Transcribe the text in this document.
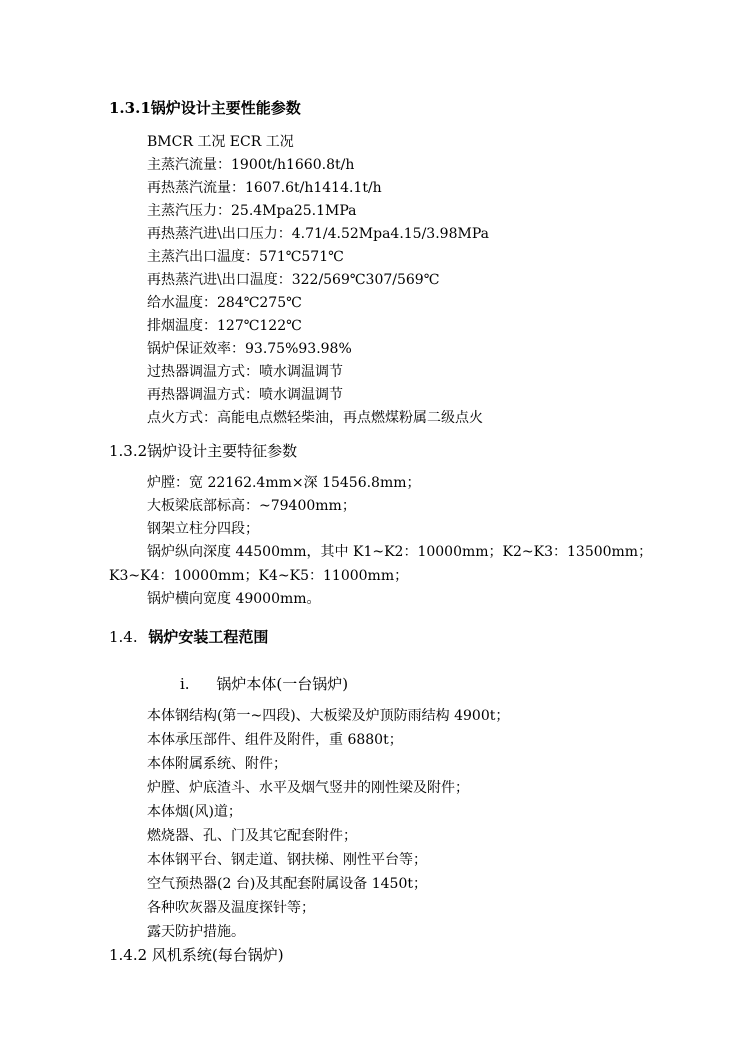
1.3.1锅炉设计主要性能参数
BMCR 工况 ECR 工况
主蒸汽流量：1900t/h1660.8t/h
再热蒸汽流量：1607.6t/h1414.1t/h
主蒸汽压力：25.4Mpa25.1MPa
再热蒸汽进\出口压力：4.71/4.52Mpa4.15/3.98MPa
主蒸汽出口温度：571℃571℃
再热蒸汽进\出口温度：322/569℃307/569℃
给水温度：284℃275℃
排烟温度：127℃122℃
锅炉保证效率：93.75%93.98%
过热器调温方式：喷水调温调节
再热器调温方式：喷水调温调节
点火方式：高能电点燃轻柴油，再点燃煤粉属二级点火
1.3.2锅炉设计主要特征参数
炉膛：宽 22162.4mm×深 15456.8mm；
大板梁底部标高：~79400mm；
钢架立柱分四段；
锅炉纵向深度 44500mm，其中 K1~K2：10000mm；K2~K3：13500mm；
K3~K4：10000mm；K4~K5：11000mm；
锅炉横向宽度 49000mm。
1.4. 锅炉安装工程范围
i. 锅炉本体(一台锅炉)
本体钢结构(第一~四段)、大板梁及炉顶防雨结构 4900t；
本体承压部件、组件及附件，重 6880t；
本体附属系统、附件；
炉膛、炉底渣斗、水平及烟气竖井的刚性梁及附件；
本体烟(风)道；
燃烧器、孔、门及其它配套附件；
本体钢平台、钢走道、钢扶梯、刚性平台等；
空气预热器(2 台)及其配套附属设备 1450t；
各种吹灰器及温度探针等；
露天防护措施。
1.4.2 风机系统(每台锅炉)
